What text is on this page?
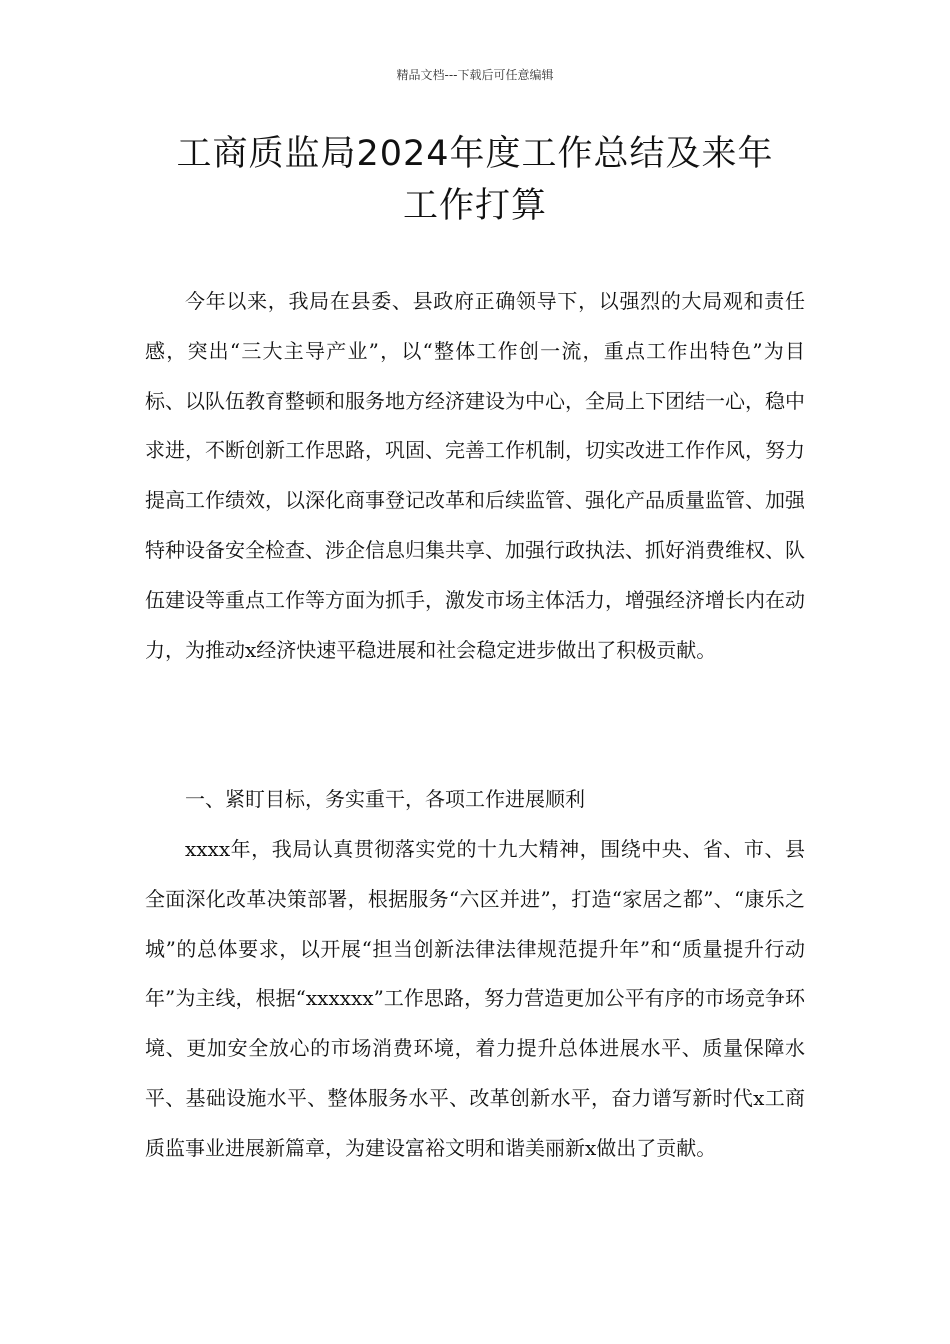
精品文档---下载后可任意编辑
工商质监局2024年度工作总结及来年
工作打算

今年以来，我局在县委、县政府正确领导下，以强烈的大局观和责任感，突出“三大主导产业”，以“整体工作创一流，重点工作出特色”为目标、以队伍教育整顿和服务地方经济建设为中心，全局上下团结一心，稳中求进，不断创新工作思路，巩固、完善工作机制，切实改进工作作风，努力提高工作绩效，以深化商事登记改革和后续监管、强化产品质量监管、加强特种设备安全检查、涉企信息归集共享、加强行政执法、抓好消费维权、队伍建设等重点工作等方面为抓手，激发市场主体活力，增强经济增长内在动力，为推动x经济快速平稳进展和社会稳定进步做出了积极贡献。

一、紧盯目标，务实重干，各项工作进展顺利

xxxx年，我局认真贯彻落实党的十九大精神，围绕中央、省、市、县全面深化改革决策部署，根据服务“六区并进”，打造“家居之都”、“康乐之城”的总体要求，以开展“担当创新法律法律规范提升年”和“质量提升行动年”为主线，根据“xxxxxx”工作思路，努力营造更加公平有序的市场竞争环境、更加安全放心的市场消费环境，着力提升总体进展水平、质量保障水平、基础设施水平、整体服务水平、改革创新水平，奋力谱写新时代x工商质监事业进展新篇章，为建设富裕文明和谐美丽新x做出了贡献。
